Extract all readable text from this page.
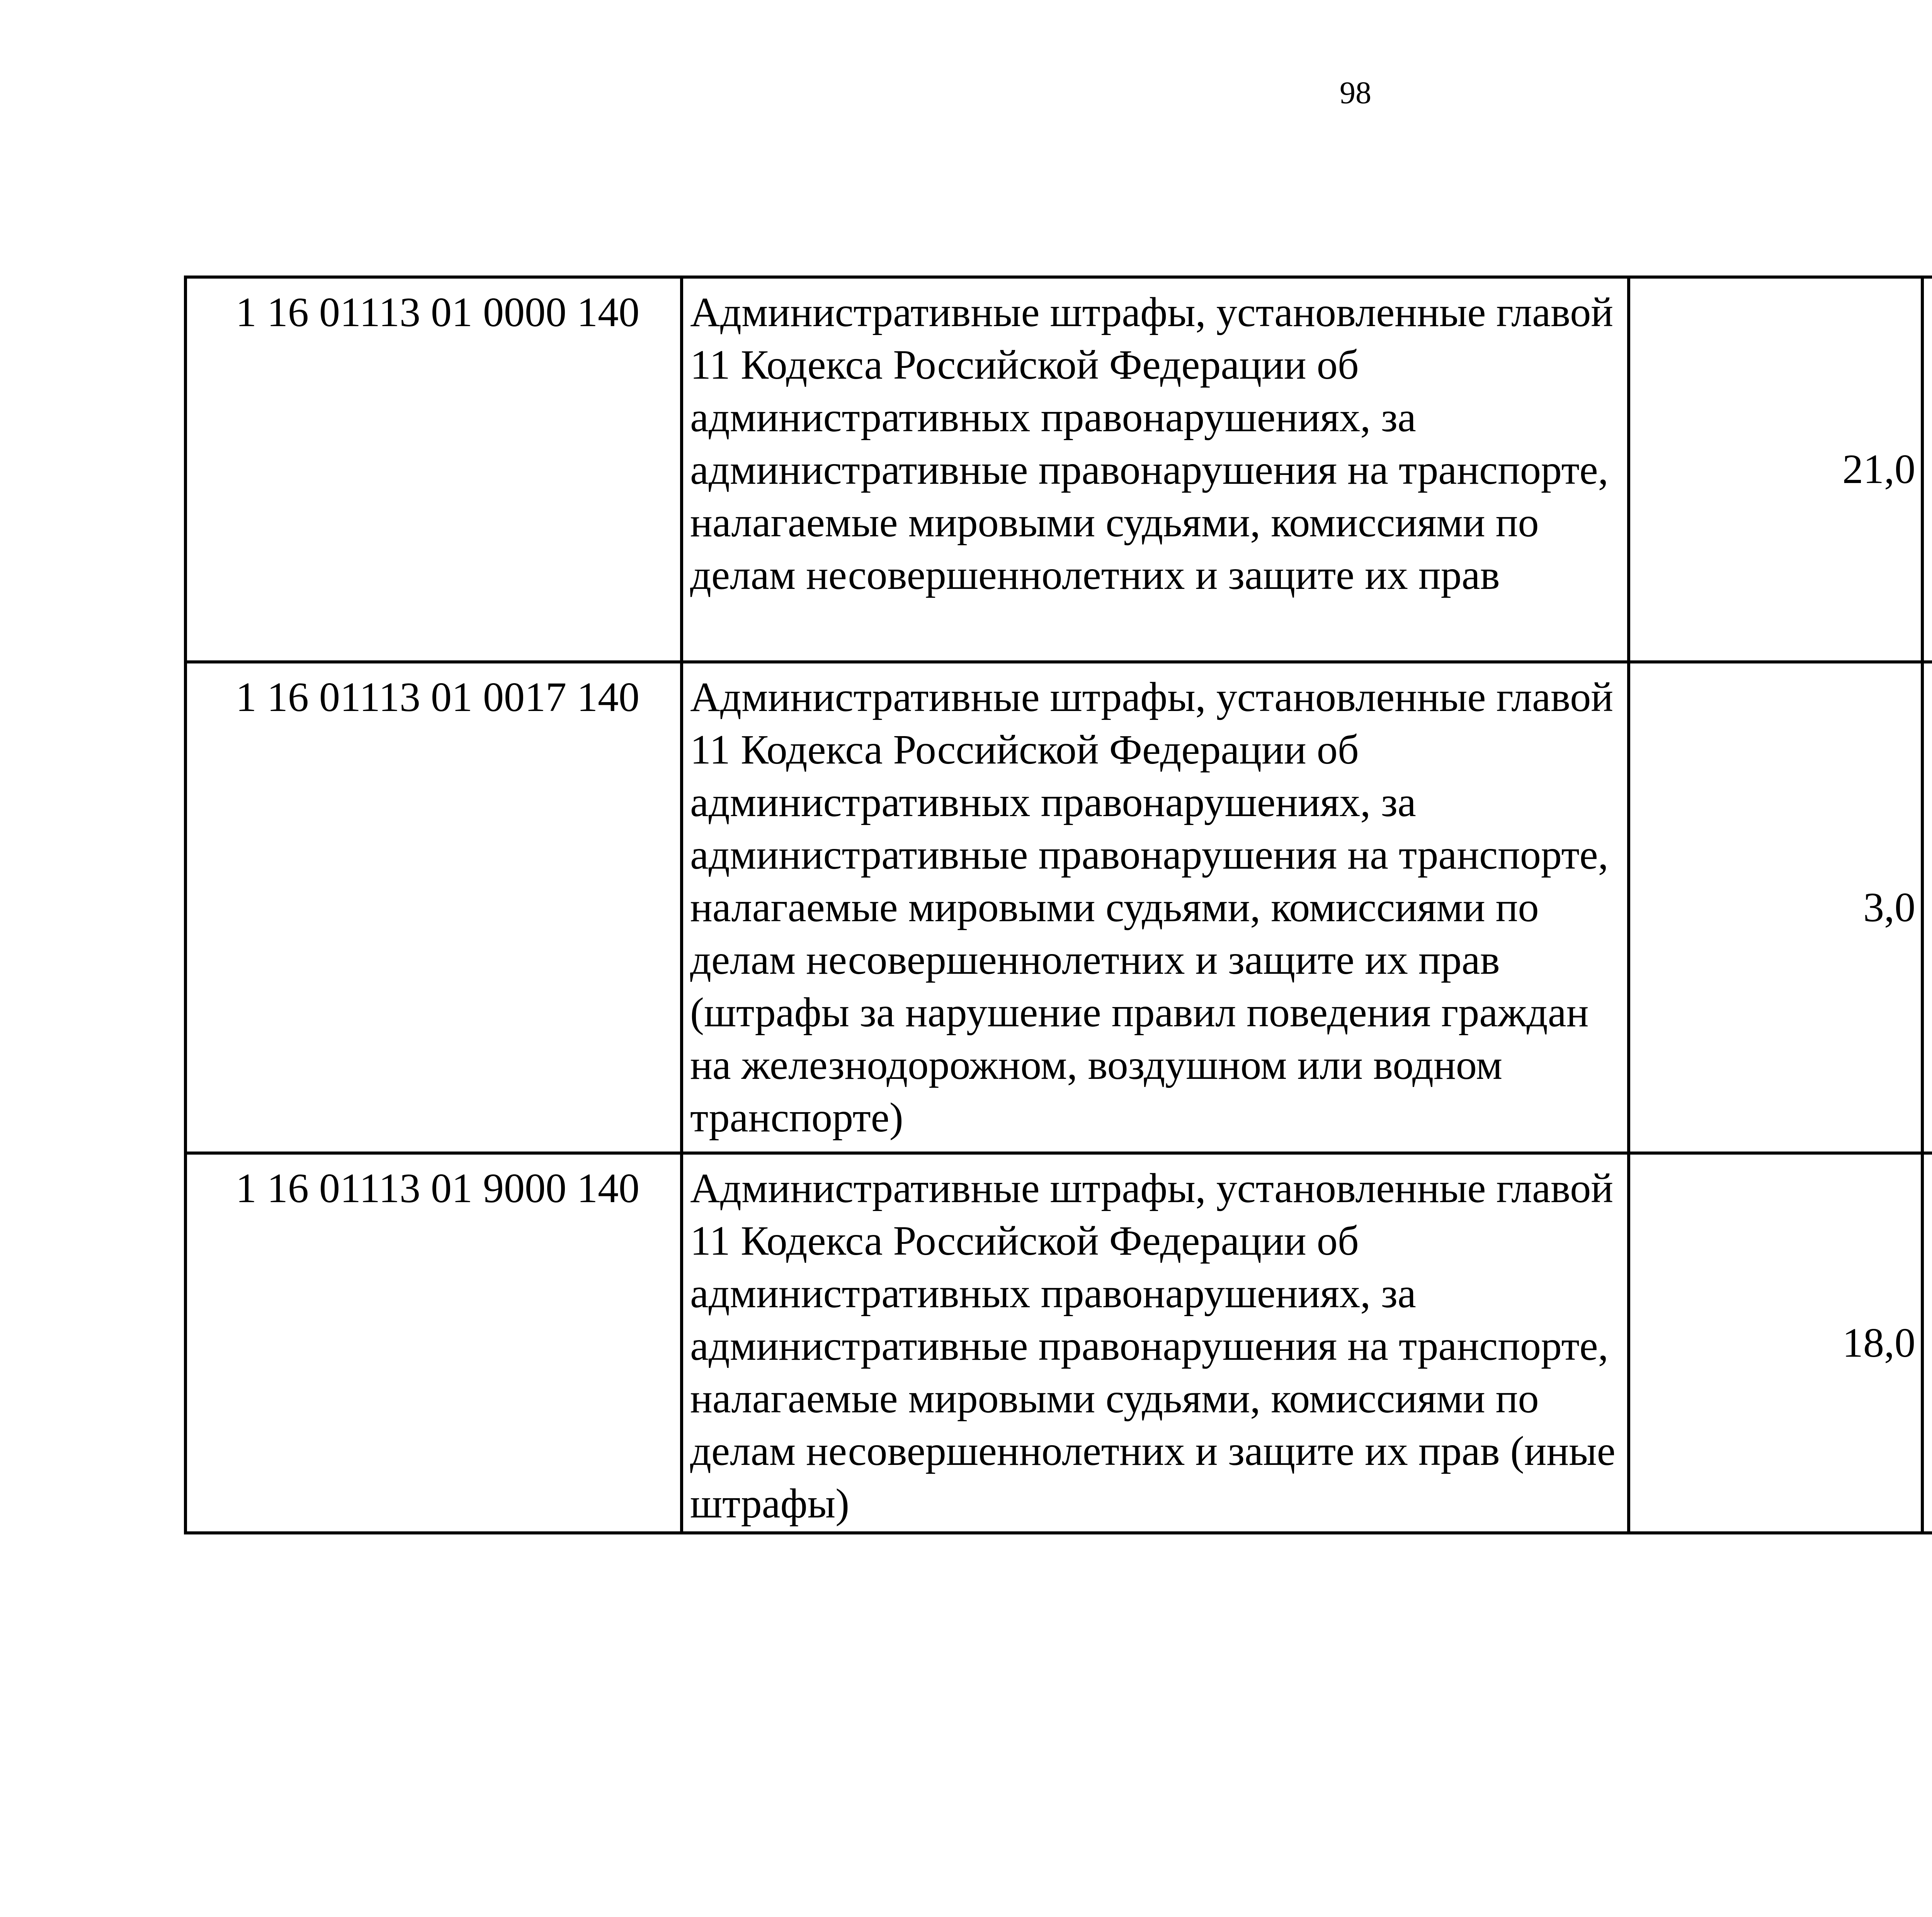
98
1 16 01113 01 0000 140	Административные штрафы, установленные главой 11 Кодекса Российской Федерации об административных правонарушениях, за административные правонарушения на транспорте, налагаемые мировыми судьями, комиссиями по делам несовершеннолетних и защите их прав	21,0		
1 16 01113 01 0017 140	Административные штрафы, установленные главой 11 Кодекса Российской Федерации об административных правонарушениях, за административные правонарушения на транспорте, налагаемые мировыми судьями, комиссиями по делам несовершеннолетних и защите их прав (штрафы за нарушение правил поведения граждан на железнодорожном, воздушном или водном транспорте)	3,0		
1 16 01113 01 9000 140	Административные штрафы, установленные главой 11 Кодекса Российской Федерации об административных правонарушениях, за административные правонарушения на транспорте, налагаемые мировыми судьями, комиссиями по делам несовершеннолетних и защите их прав (иные штрафы)	18,0		
